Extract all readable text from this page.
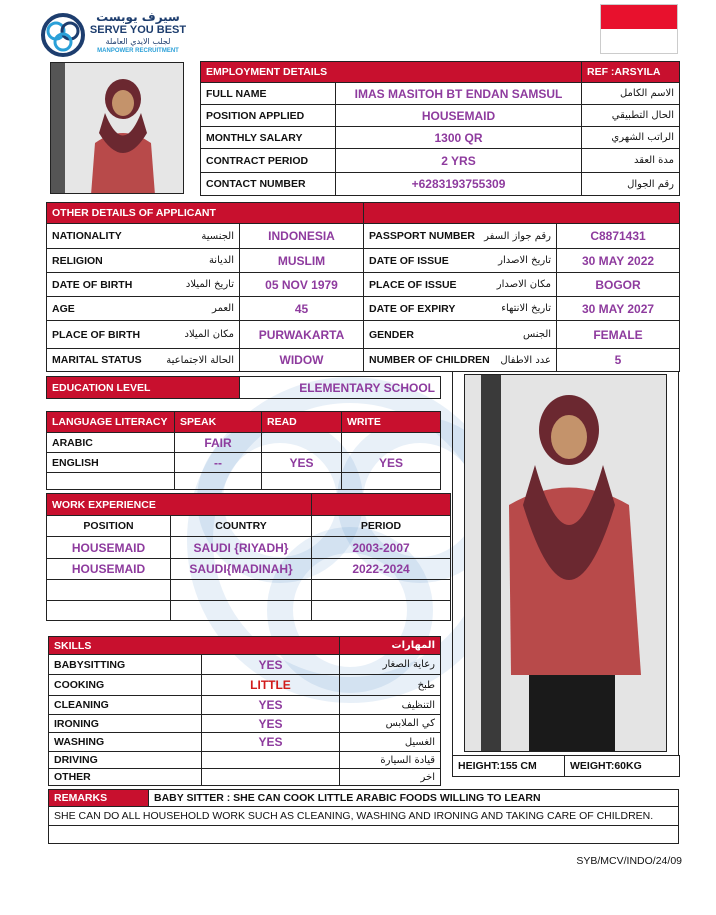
سيرف يوبست
SERVE YOU BEST
لجلب الايدي العاملة
MANPOWER RECRUITMENT
EMPLOYMENT DETAILS		REF :ARSYILA
FULL NAME	IMAS MASITOH BT ENDAN SAMSUL	الاسم الكامل
POSITION APPLIED	HOUSEMAID	الحال التطبيقي
MONTHLY SALARY	1300 QR	الراتب الشهري
CONTRACT PERIOD	2 YRS	مدة العقد
CONTACT NUMBER	+6283193755309	رقم الجوال
OTHER DETAILS OF APPLICANT			

NATIONALITY الجنسية	INDONESIA	PASSPORT NUMBER رقم جواز السفر	C8871431

RELIGION الديانة	MUSLIM	DATE OF ISSUE تاريخ الاصدار	30 MAY 2022

DATE OF BIRTH تاريخ الميلاد	05 NOV 1979	PLACE OF ISSUE مكان الاصدار	BOGOR

AGE العمر	45	DATE OF EXPIRY تاريخ الانتهاء	30 MAY 2027

PLACE OF BIRTH مكان الميلاد	PURWAKARTA	GENDER الجنس	FEMALE

MARITAL STATUS الحالة الاجتماعية	WIDOW	NUMBER OF CHILDREN عدد الاطفال	5
EDUCATION LEVEL	ELEMENTARY SCHOOL
LANGUAGE LITERACY	SPEAK	READ	WRITE
ARABIC	FAIR		
ENGLISH	--	YES	YES

WORK EXPERIENCE		
POSITION	COUNTRY	PERIOD
HOUSEMAID	SAUDI {RIYADH}	2003-2007
HOUSEMAID	SAUDI{MADINAH}	2022-2024

SKILLS		المهارات
BABYSITTING	YES	رعاية الصغار
COOKING	LITTLE	طبخ
CLEANING	YES	التنظيف
IRONING	YES	كي الملابس
WASHING	YES	الغسيل
DRIVING		قيادة السيارة
OTHER		اخر
HEIGHT:155 CM	WEIGHT:60KG
REMARKS	BABY SITTER : SHE CAN COOK LITTLE ARABIC FOODS WILLING TO LEARN
SHE CAN DO ALL HOUSEHOLD WORK SUCH AS CLEANING, WASHING AND IRONING AND TAKING CARE OF CHILDREN.

SYB/MCV/INDO/24/09
